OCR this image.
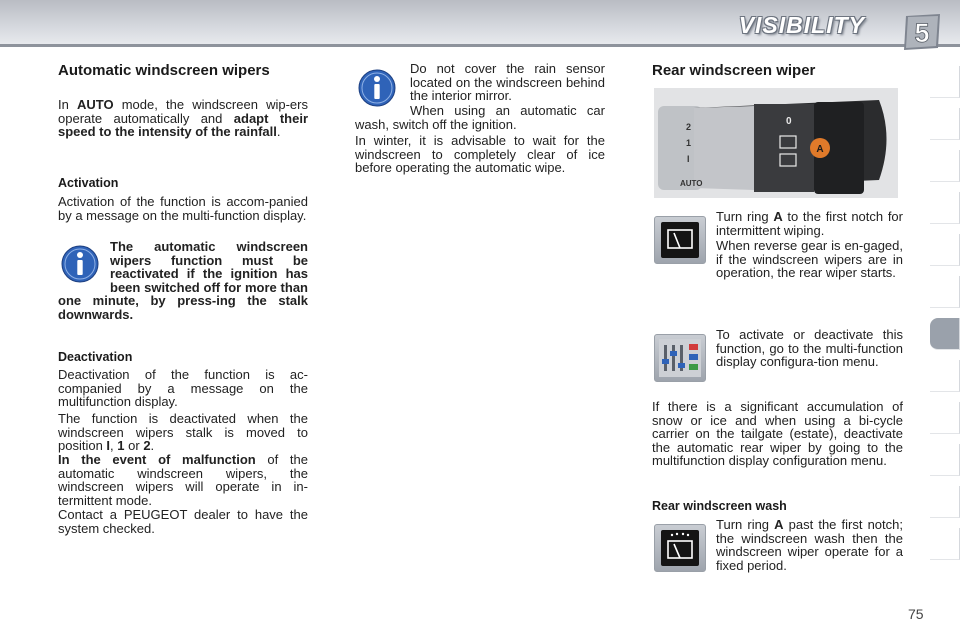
VISIBILITY 5
Automatic windscreen wipers
In AUTO mode, the windscreen wip-ers operate automatically and adapt their speed to the intensity of the rainfall.
Activation
Activation of the function is accom-panied by a message on the multi-function display.
The automatic windscreen wipers function must be reactivated if the ignition has been switched off for more than one minute, by press-ing the stalk downwards.
Deactivation
Deactivation of the function is ac-companied by a message on the multifunction display.
The function is deactivated when the windscreen wipers stalk is moved to position I, 1 or 2.
In the event of malfunction of the automatic windscreen wipers, the windscreen wipers will operate in in-termittent mode.
Contact a PEUGEOT dealer to have the system checked.
Do not cover the rain sensor located on the windscreen behind the interior mirror.
When using an automatic car wash, switch off the ignition.
In winter, it is advisable to wait for the windscreen to completely clear of ice before operating the automatic wipe.
Rear windscreen wiper
A
AUTO
2
1
I
0
Turn ring A to the first notch for intermittent wiping.
When reverse gear is en-gaged, if the windscreen wipers are in operation, the rear wiper starts.
To activate or deactivate this function, go to the multi-function display configura-tion menu.
If there is a significant accumulation of snow or ice and when using a bi-cycle carrier on the tailgate (estate), deactivate the automatic rear wiper by going to the multifunction display configuration menu.
Rear windscreen wash
Turn ring A past the first notch; the windscreen wash then the windscreen wiper operate for a fixed period.
75
